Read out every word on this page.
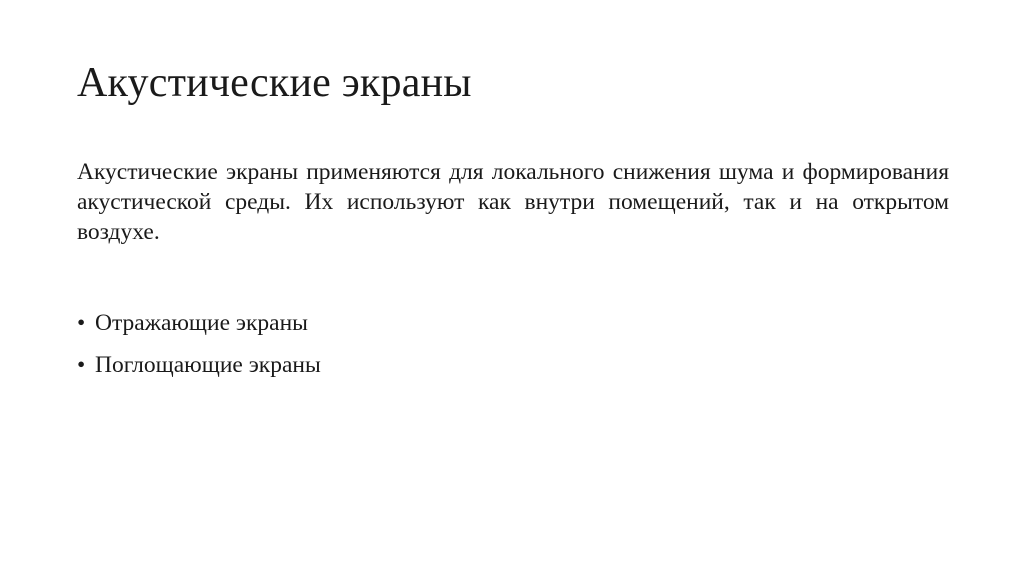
Акустические экраны

Акустические экраны применяются для локального снижения шума и формирования акустической среды. Их используют как внутри помещений, так и на открытом воздухе.

• Отражающие экраны
• Поглощающие экраны
